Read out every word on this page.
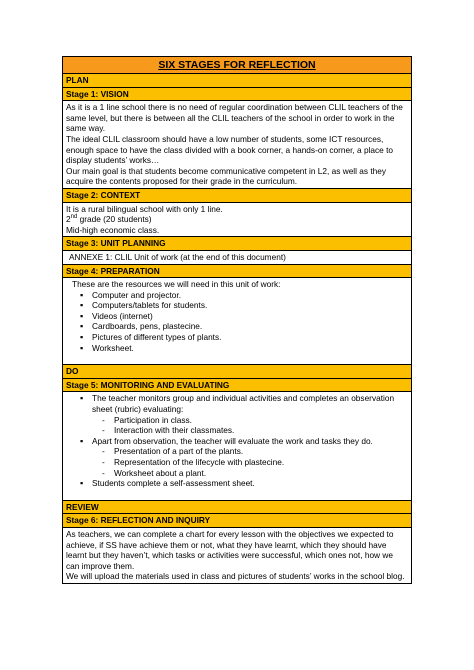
SIX STAGES FOR REFLECTION
PLAN
Stage 1: VISION

As it is a 1 line school there is no need of regular coordination between CLIL teachers of the same level, but there is between all the CLIL teachers of the school in order to work in the same way.

The ideal CLIL classroom should have a low number of students, some ICT resources, enough space to have the class divided with a book corner, a hands-on corner, a place to display students’ works…

Our main goal is that students become communicative competent in L2, as well as they acquire the contents proposed for their grade in the curriculum.

Stage 2: CONTEXT

It is a rural bilingual school with only 1 line.

2nd grade (20 students)

Mid-high economic class.

Stage 3: UNIT PLANNING
ANNEXE 1: CLIL Unit of work (at the end of this document)
Stage 4: PREPARATION

These are the resources we will need in this unit of work:

▪ Computer and projector.
▪ Computers/tablets for students.
▪ Videos (internet)
▪ Cardboards, pens, plastecine.
▪ Pictures of different types of plants.
▪ Worksheet.
DO
Stage 5: MONITORING AND EVALUATING
▪ The teacher monitors group and individual activities and completes an observation sheet (rubric) evaluating:
- Participation in class.
- Interaction with their classmates.
▪ Apart from observation, the teacher will evaluate the work and tasks they do.
- Presentation of a part of the plants.
- Representation of the lifecycle with plastecine.
- Worksheet about a plant.
▪ Students complete a self-assessment sheet.
REVIEW
Stage 6: REFLECTION AND INQUIRY

As teachers, we can complete a chart for every lesson with the objectives we expected to achieve, if SS have achieve them or not, what they have learnt, which they should have learnt but they haven’t, which tasks or activities were successful, which ones not, how we can improve them.

We will upload the materials used in class and pictures of students’ works in the school blog.
